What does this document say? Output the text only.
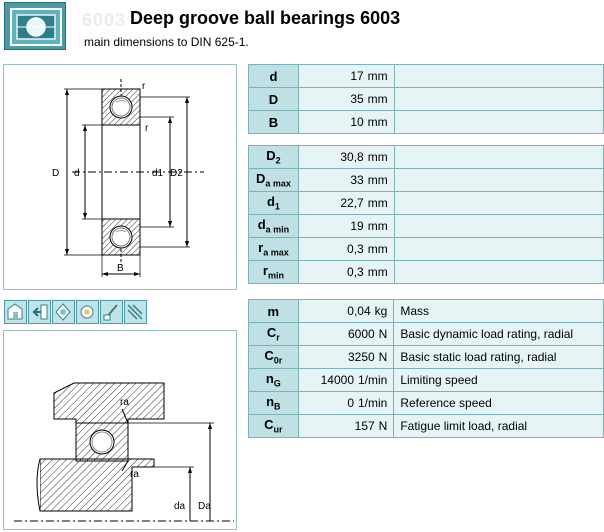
6003 Deep groove ball bearings 6003
main dimensions to DIN 625-1.
r
r
D d	d1 D2
B
ra
ra
da Da
d	17 mm	
D	35 mm	
B	10 mm	
$D_2$	30,8 mm	
$D_{a max}$	33 mm	
$d_1$	22,7 mm	
$d_{a min}$	19 mm	
$r_{a max}$	0,3 mm	
$r_{min}$	0,3 mm	
m	0,04 kg	Mass
$C_r$	6000 N	Basic dynamic load rating, radial
$C_{0r}$	3250 N	Basic static load rating, radial
$n_G$	14000 1/min	Limiting speed
$n_B$	0 1/min	Reference speed
$C_{ur}$	157 N	Fatigue limit load, radial
